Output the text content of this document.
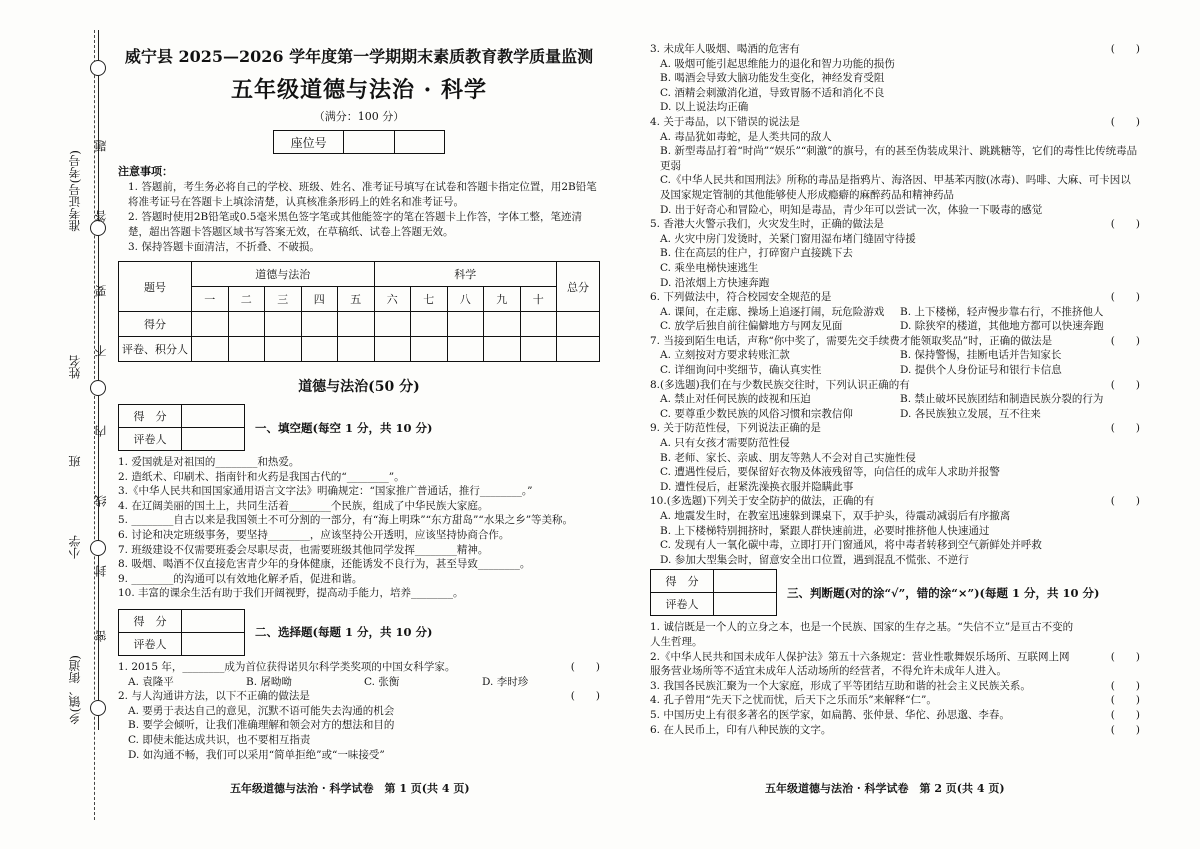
准考证号(考号)
姓名
班
小学
乡(镇、街道)
题
答
要
不
内
线
封
密
威宁县 2025—2026 学年度第一学期期末素质教育教学质量监测
五年级道德与法治 · 科学
（满分：100 分）
座位号
注意事项：
1. 答题前，考生务必将自己的学校、班级、姓名、准考证号填写在试卷和答题卡指定位置，用2B铅笔将准考证号在答题卡上填涂清楚，认真核准条形码上的姓名和准考证号。
2. 答题时使用2B铅笔或0.5毫米黑色签字笔或其他能签字的笔在答题卡上作答，字体工整，笔迹清楚，超出答题卡答题区域书写答案无效，在草稿纸、试卷上答题无效。
3. 保持答题卡面清洁，不折叠、不破损。
题号	道德与法治					科学					总分
	一	二	三	四	五	六	七	八	九	十	
得分											
评卷、积分人											
道德与法治(50 分)
得　分	
评卷人	
一、填空题(每空 1 分，共 10 分)
1. 爱国就是对祖国的________和热爱。
2. 造纸术、印刷术、指南针和火药是我国古代的“________”。
3.《中华人民共和国国家通用语言文字法》明确规定：“国家推广普通话，推行________。”
4. 在辽阔美丽的国土上，共同生活着________个民族，组成了中华民族大家庭。
5. ________自古以来是我国领土不可分割的一部分，有“海上明珠”“东方甜岛”“水果之乡”等美称。
6. 讨论和决定班级事务，要坚持________，应该坚持公开透明，应该坚持协商合作。
7. 班级建设不仅需要班委会尽职尽责，也需要班级其他同学发挥________精神。
8. 吸烟、喝酒不仅直接危害青少年的身体健康，还能诱发不良行为，甚至导致________。
9. ________的沟通可以有效地化解矛盾，促进和谐。
10. 丰富的课余生活有助于我们开阔视野，提高动手能力，培养________。
得　分	
评卷人	
二、选择题(每题 1 分，共 10 分)
1. 2015 年，________成为首位获得诺贝尔科学类奖项的中国女科学家。	(　　)
A. 袁隆平	B. 屠呦呦	C. 张衡	D. 李时珍
2. 与人沟通讲方法，以下不正确的做法是	(　　)
A. 要勇于表达自己的意见，沉默不语可能失去沟通的机会
B. 要学会倾听，让我们准确理解和领会对方的想法和目的
C. 即使未能达成共识，也不要相互指责
D. 如沟通不畅，我们可以采用“简单拒绝”或“一味接受”
五年级道德与法治 · 科学试卷　第 1 页(共 4 页)
3. 未成年人吸烟、喝酒的危害有	(　　)
A. 吸烟可能引起思维能力的退化和智力功能的损伤
B. 喝酒会导致大脑功能发生变化，神经发育受阻
C. 酒精会刺激消化道，导致胃肠不适和消化不良
D. 以上说法均正确
4. 关于毒品，以下错误的说法是	(　　)
A. 毒品犹如毒蛇，是人类共同的敌人
B. 新型毒品打着“时尚”“娱乐”“刺激”的旗号，有的甚至伪装成果汁、跳跳糖等，它们的毒性比传统毒品更弱
C.《中华人民共和国刑法》所称的毒品是指鸦片、海洛因、甲基苯丙胺(冰毒)、吗啡、大麻、可卡因以及国家规定管制的其他能够使人形成瘾癖的麻醉药品和精神药品
D. 出于好奇心和冒险心，明知是毒品，青少年可以尝试一次，体验一下吸毒的感觉
5. 香港大火警示我们，火灾发生时，正确的做法是	(　　)
A. 火灾中房门发烫时，关紧门窗用湿布堵门缝固守待援
B. 住在高层的住户，打碎窗户直接跳下去
C. 乘坐电梯快速逃生
D. 沿浓烟上方快速奔跑
6. 下列做法中，符合校园安全规范的是	(　　)
A. 课间，在走廊、操场上追逐打闹，玩危险游戏	B. 上下楼梯，轻声慢步靠右行，不推挤他人
C. 放学后独自前往偏僻地方与网友见面	D. 除狭窄的楼道，其他地方都可以快速奔跑
7. 当接到陌生电话，声称“你中奖了，需要先交手续费才能领取奖品”时，正确的做法是	(　　)
A. 立刻按对方要求转账汇款	B. 保持警惕，挂断电话并告知家长
C. 详细询问中奖细节，确认真实性	D. 提供个人身份证号和银行卡信息
8.(多选题)我们在与少数民族交往时，下列认识正确的有	(　　)
A. 禁止对任何民族的歧视和压迫	B. 禁止破坏民族团结和制造民族分裂的行为
C. 要尊重少数民族的风俗习惯和宗教信仰	D. 各民族独立发展，互不往来
9. 关于防范性侵，下列说法正确的是	(　　)
A. 只有女孩才需要防范性侵
B. 老师、家长、亲戚、朋友等熟人不会对自己实施性侵
C. 遭遇性侵后，要保留好衣物及体液残留等，向信任的成年人求助并报警
D. 遭性侵后，赶紧洗澡换衣服并隐瞒此事
10.(多选题)下列关于安全防护的做法，正确的有	(　　)
A. 地震发生时，在教室迅速躲到课桌下，双手护头，待震动减弱后有序撤离
B. 上下楼梯特别拥挤时，紧跟人群快速前进，必要时推挤他人快速通过
C. 发现有人一氧化碳中毒，立即打开门窗通风，将中毒者转移到空气新鲜处并呼救
D. 参加大型集会时，留意安全出口位置，遇到混乱不慌张、不逆行
得　分	
评卷人	
三、判断题(对的涂“√”，错的涂“×”)(每题 1 分，共 10 分)
1. 诚信既是一个人的立身之本，也是一个民族、国家的生存之基。“失信不立”是亘古不变的人生哲理。
2.《中华人民共和国未成年人保护法》第五十六条规定：营业性歌舞娱乐场所、互联网上网服务营业场所等不适宜未成年人活动场所的经营者，不得允许未成年人进入。
(　　)
3. 我国各民族汇聚为一个大家庭，形成了平等团结互助和谐的社会主义民族关系。	(　　)
4. 孔子曾用“先天下之忧而忧，后天下之乐而乐”来解释“仁”。	(　　)
5. 中国历史上有很多著名的医学家，如扁鹊、张仲景、华佗、孙思邈、李春。	(　　)
6. 在人民币上，印有八种民族的文字。	(　　)
五年级道德与法治 · 科学试卷　第 2 页(共 4 页)
